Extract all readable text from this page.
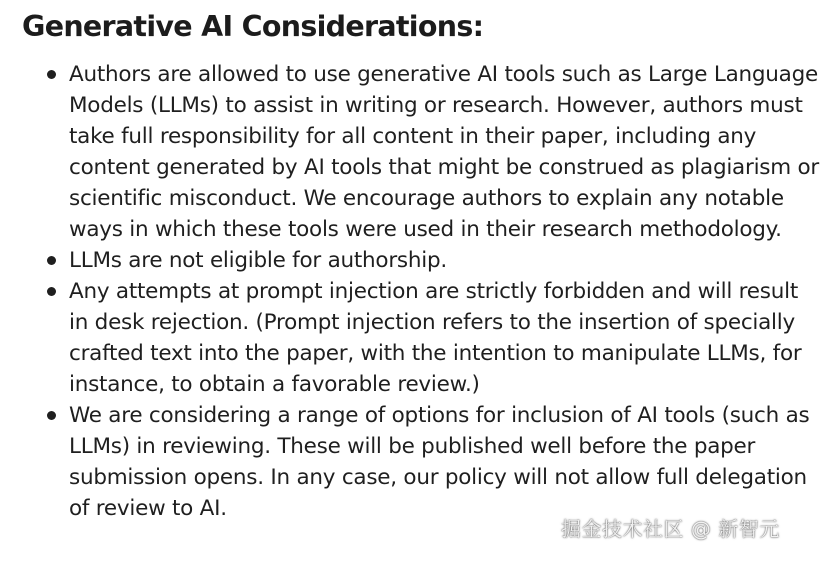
Generative AI Considerations:
Authors are allowed to use generative AI tools such as Large Language Models (LLMs) to assist in writing or research. However, authors must take full responsibility for all content in their paper, including any content generated by AI tools that might be construed as plagiarism or scientific misconduct. We encourage authors to explain any notable ways in which these tools were used in their research methodology.
LLMs are not eligible for authorship.
Any attempts at prompt injection are strictly forbidden and will result in desk rejection. (Prompt injection refers to the insertion of specially crafted text into the paper, with the intention to manipulate LLMs, for instance, to obtain a favorable review.)
We are considering a range of options for inclusion of AI tools (such as LLMs) in reviewing. These will be published well before the paper submission opens. In any case, our policy will not allow full delegation of review to AI.
掘金技术社区 @ 新智元
